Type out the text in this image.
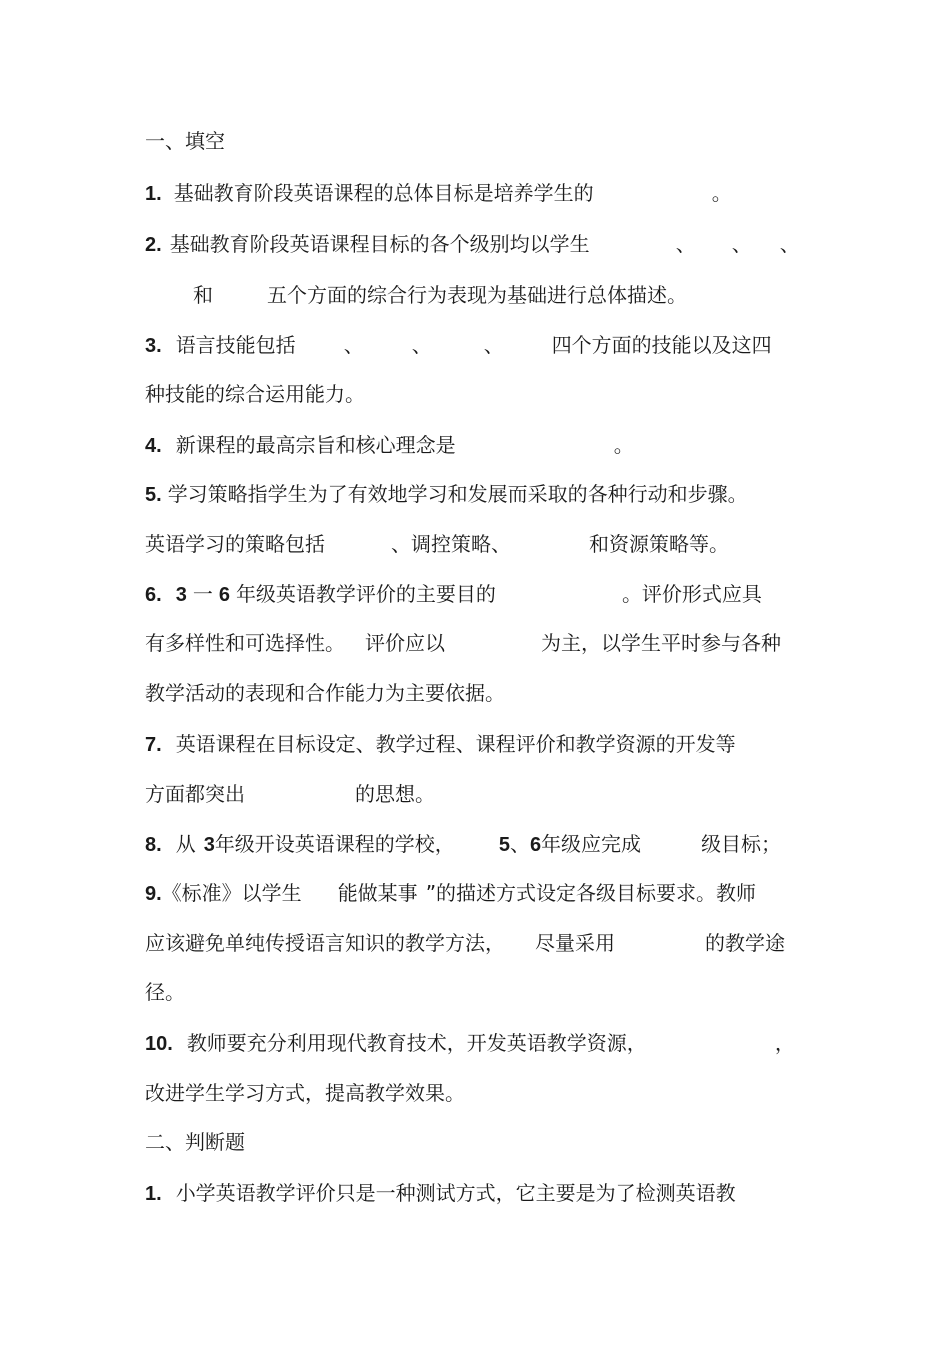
一、填空
1. 基础教育阶段英语课程的总体目标是培养学生的	。
2. 基础教育阶段英语课程目标的各个级别均以学生	、 、 、
和	五个方面的综合行为表现为基础进行总体描述。
3. 语言技能包括 、 、	、 四个方面的技能以及这四
种技能的综合运用能力。
4. 新课程的最高宗旨和核心理念是	。
5. 学习策略指学生为了有效地学习和发展而采取的各种行动和步骤。
英语学习的策略包括	、调控策略、	和资源策略等。
6. 3 一 6 年级英语教学评价的主要目的	。评价形式应具
有多样性和可选择性。 评价应以	为主，以学生平时参与各种
教学活动的表现和合作能力为主要依据。
7. 英语课程在目标设定、教学过程、课程评价和教学资源的开发等
方面都突出	的思想。
8. 从 3年级开设英语课程的学校， 5、6年级应完成	级目标；
9.《标准》以学生 能做某事 ”的描述方式设定各级目标要求。教师
应该避免单纯传授语言知识的教学方法， 尽量采用	的教学途
径。
10. 教师要充分利用现代教育技术，开发英语教学资源，	，
改进学生学习方式，提高教学效果。
二、判断题
1. 小学英语教学评价只是一种测试方式，它主要是为了检测英语教
